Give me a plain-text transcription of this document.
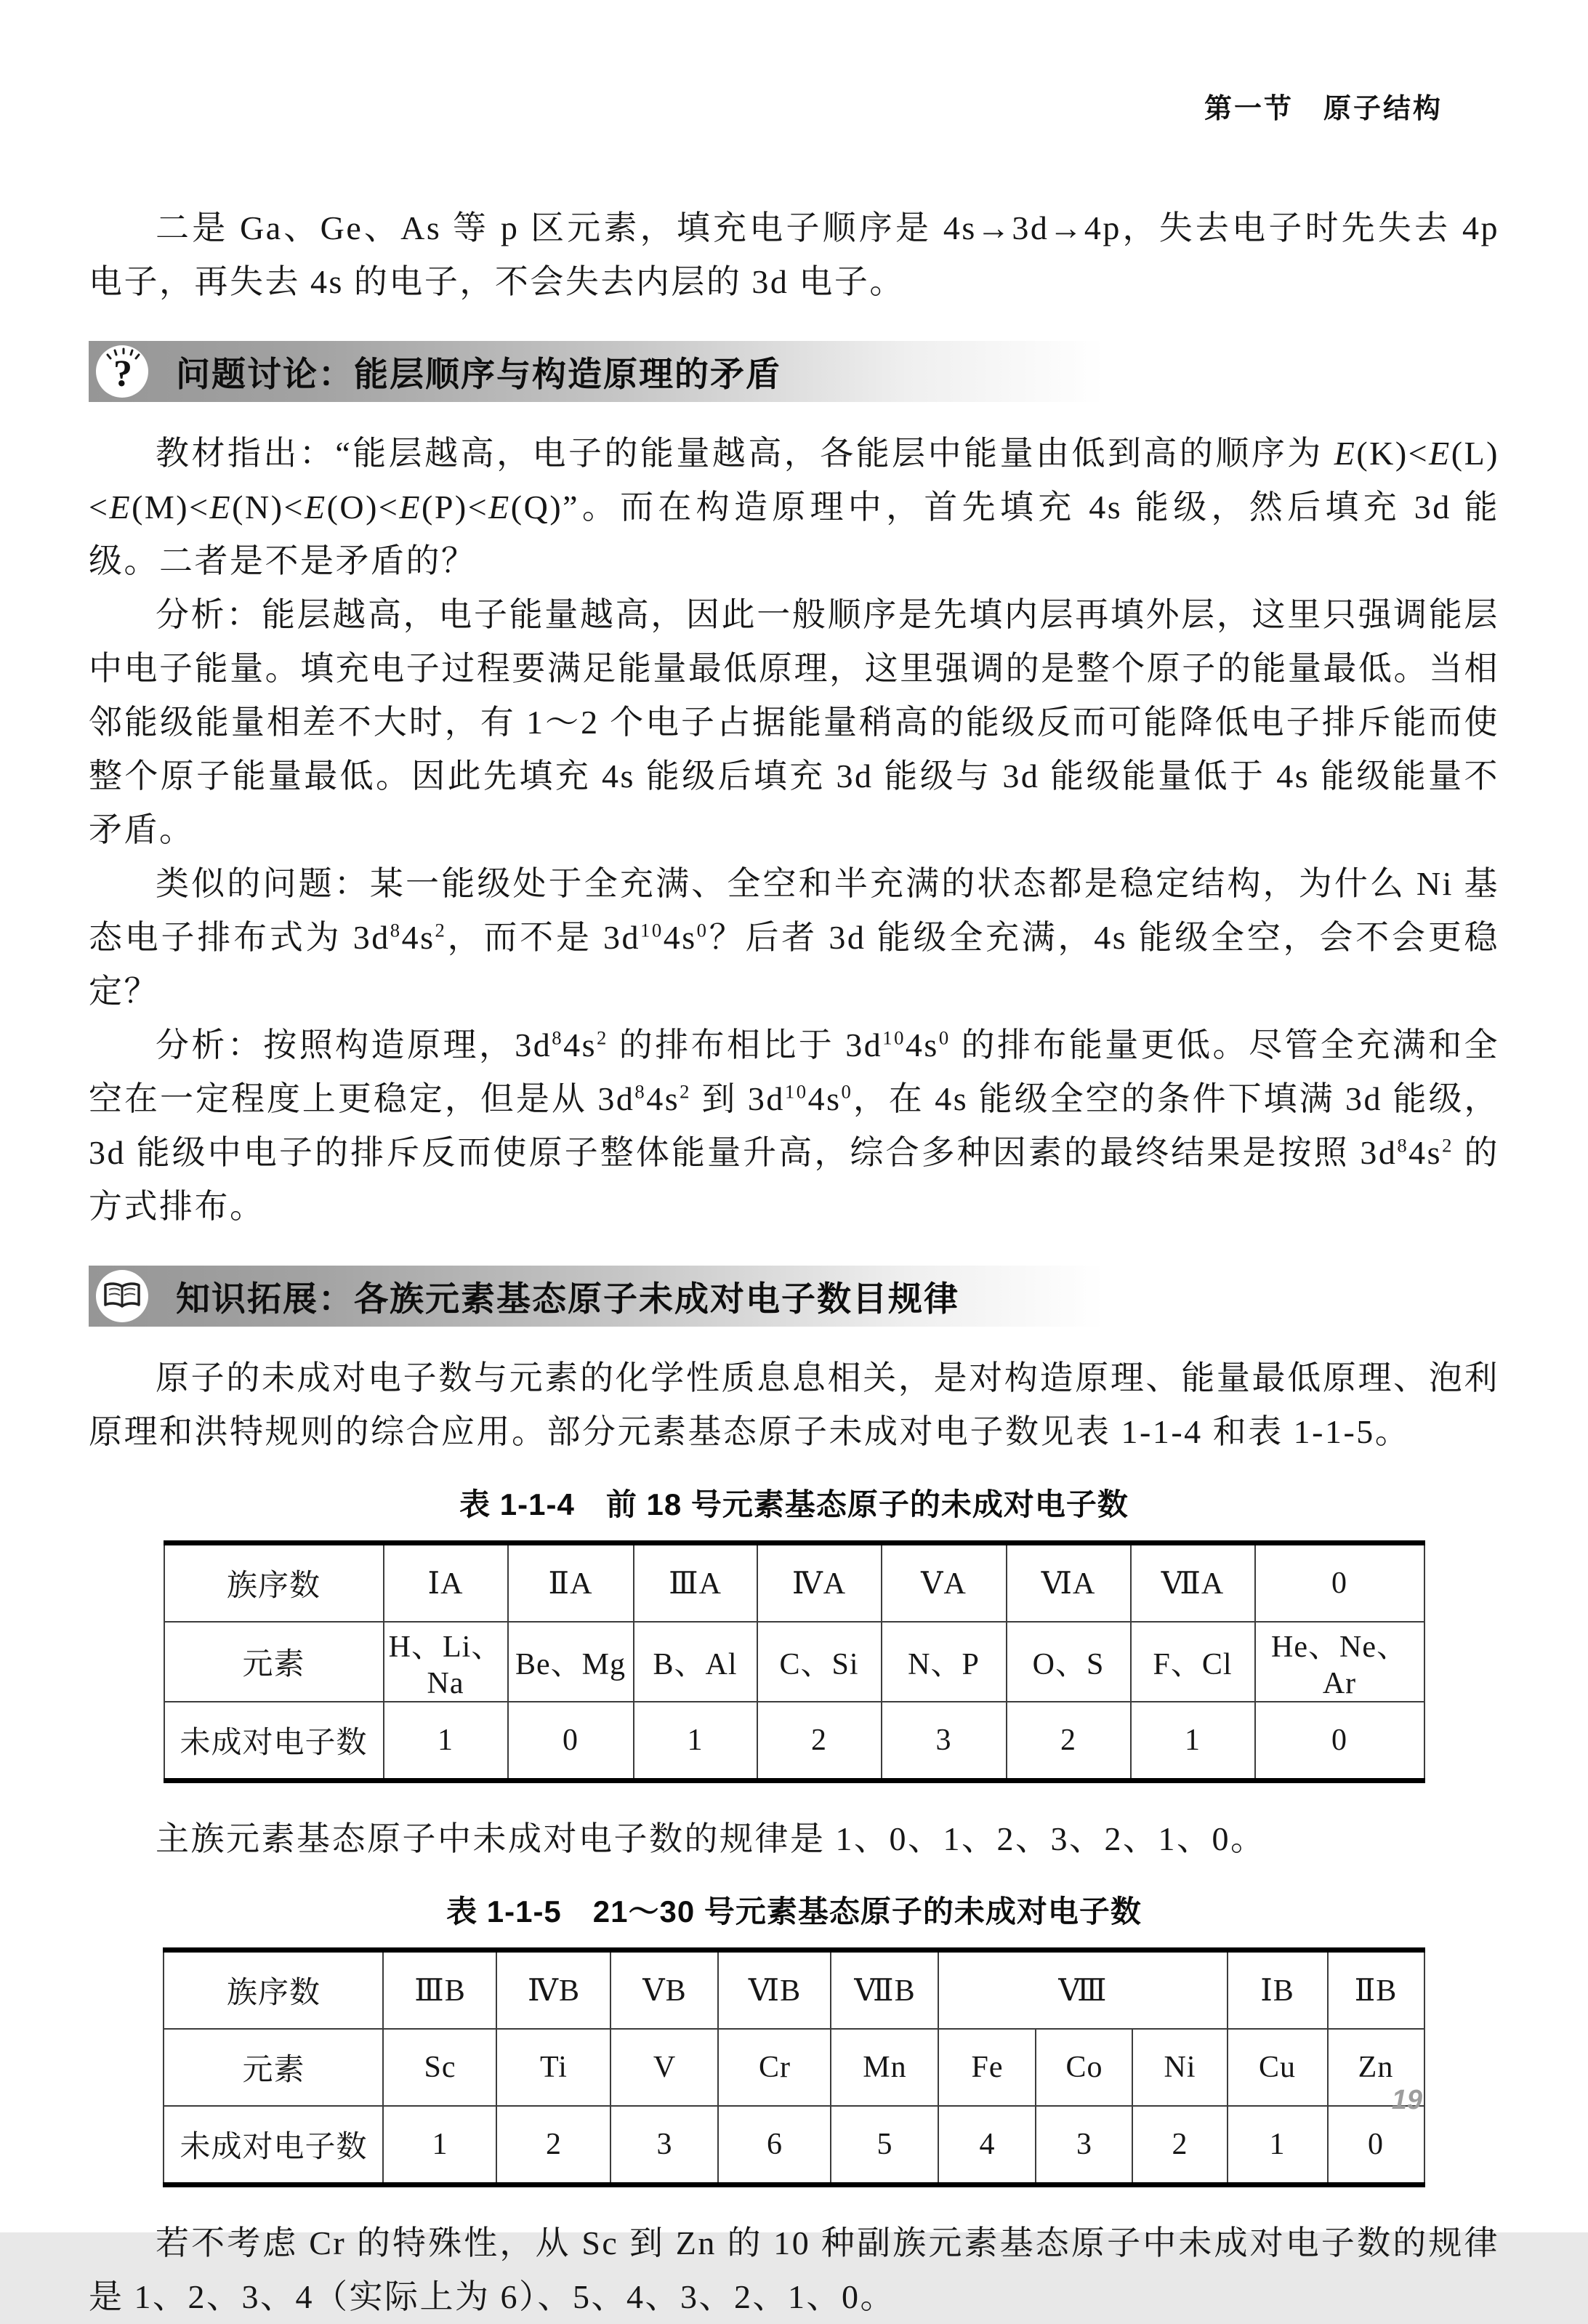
第一节　原子结构

二是 Ga、Ge、As 等 p 区元素，填充电子顺序是 4s→3d→4p，失去电子时先失去 4p 电子，再失去 4s 的电子，不会失去内层的 3d 电子。

? 问题讨论：能层顺序与构造原理的矛盾

教材指出：“能层越高，电子的能量越高，各能层中能量由低到高的顺序为 E(K)<E(L)<E(M)<E(N)<E(O)<E(P)<E(Q)”。而在构造原理中，首先填充 4s 能级，然后填充 3d 能级。二者是不是矛盾的？

分析：能层越高，电子能量越高，因此一般顺序是先填内层再填外层，这里只强调能层中电子能量。填充电子过程要满足能量最低原理，这里强调的是整个原子的能量最低。当相邻能级能量相差不大时，有 1～2 个电子占据能量稍高的能级反而可能降低电子排斥能而使整个原子能量最低。因此先填充 4s 能级后填充 3d 能级与 3d 能级能量低于 4s 能级能量不矛盾。

类似的问题：某一能级处于全充满、全空和半充满的状态都是稳定结构，为什么 Ni 基态电子排布式为 $3d^84s^2$，而不是 $3d^{10}4s^0$？后者 3d 能级全充满，4s 能级全空，会不会更稳定？

分析：按照构造原理，$3d^84s^2$ 的排布相比于 $3d^{10}4s^0$ 的排布能量更低。尽管全充满和全空在一定程度上更稳定，但是从 $3d^84s^2$ 到 $3d^{10}4s^0$，在 4s 能级全空的条件下填满 3d 能级，3d 能级中电子的排斥反而使原子整体能量升高，综合多种因素的最终结果是按照 $3d^84s^2$ 的方式排布。

知识拓展：各族元素基态原子未成对电子数目规律

原子的未成对电子数与元素的化学性质息息相关，是对构造原理、能量最低原理、泡利原理和洪特规则的综合应用。部分元素基态原子未成对电子数见表 1-1-4 和表 1-1-5。

表 1-1-4　前 18 号元素基态原子的未成对电子数
族序数	ⅠA	ⅡA	ⅢA	ⅣA	ⅤA	ⅥA	ⅦA	0
元素	H、Li、Na	Be、Mg	B、Al	C、Si	N、P	O、S	F、Cl	He、Ne、Ar
未成对电子数	1	0	1	2	3	2	1	0

主族元素基态原子中未成对电子数的规律是 1、0、1、2、3、2、1、0。

表 1-1-5　21～30 号元素基态原子的未成对电子数
族序数	ⅢB	ⅣB	ⅤB	ⅥB	ⅦB	Ⅷ			ⅠB	ⅡB
元素	Sc	Ti	V	Cr	Mn	Fe	Co	Ni	Cu	Zn
未成对电子数	1	2	3	6	5	4	3	2	1	0

若不考虑 Cr 的特殊性，从 Sc 到 Zn 的 10 种副族元素基态原子中未成对电子数的规律是 1、2、3、4（实际上为 6）、5、4、3、2、1、0。

19
